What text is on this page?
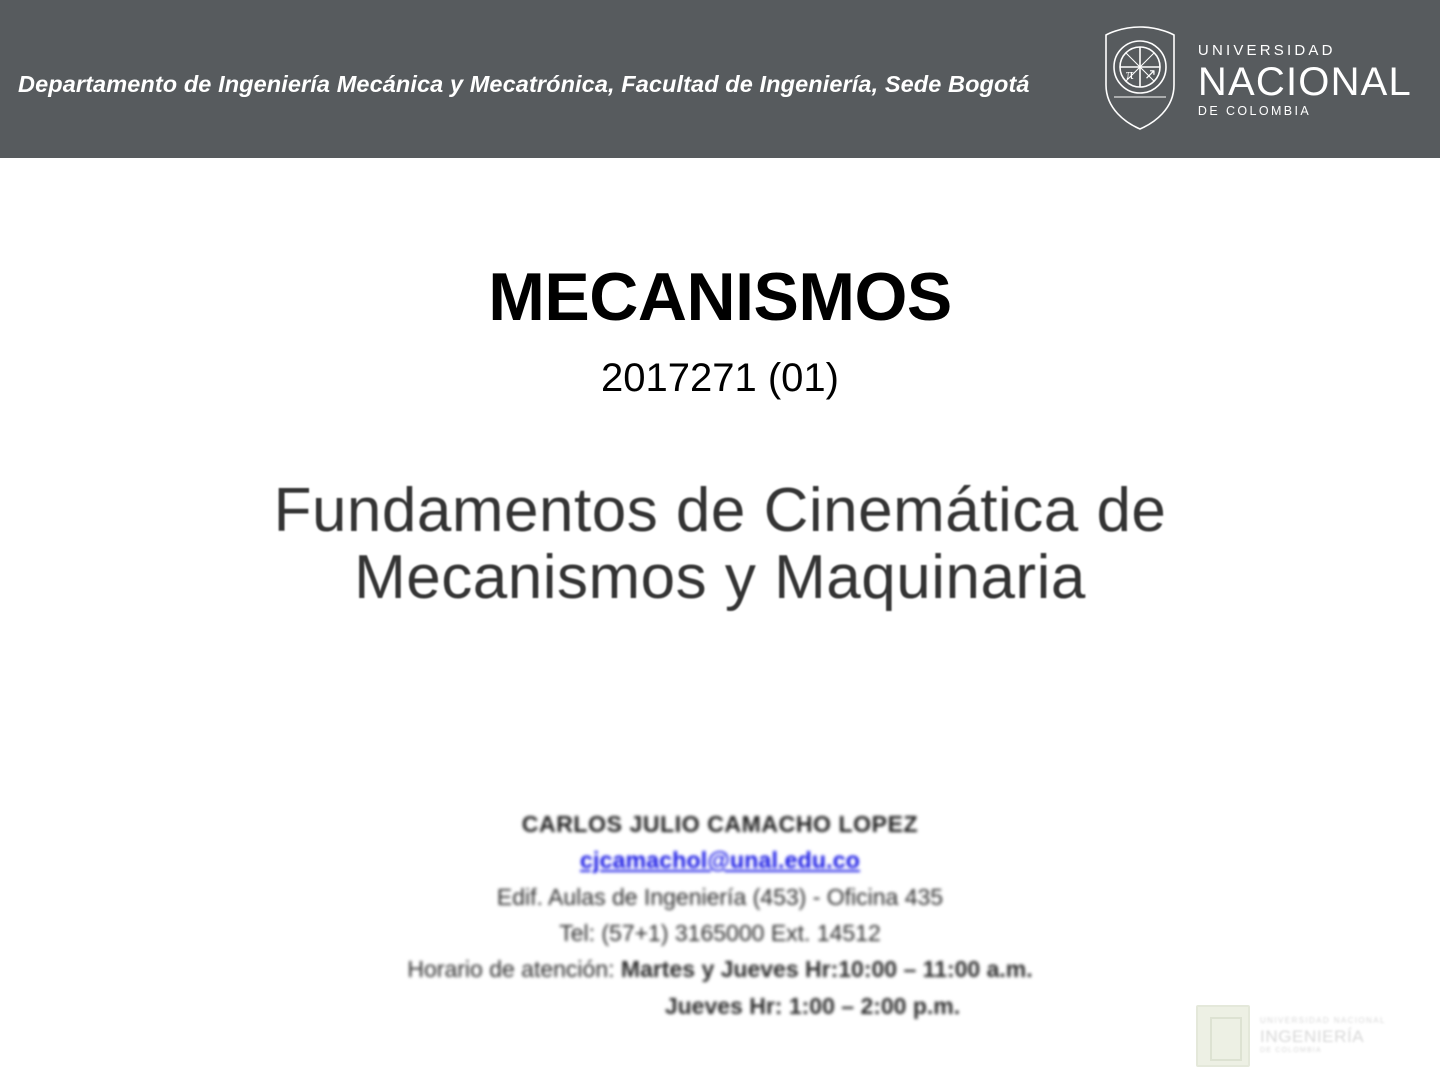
Departamento de Ingeniería Mecánica y Mecatrónica, Facultad de Ingeniería, Sede Bogotá	π ↗
UNIVERSIDAD
NACIONAL
DE COLOMBIA
MECANISMOS
2017271 (01)
Fundamentos de Cinemática de
Mecanismos y Maquinaria
CARLOS JULIO CAMACHO LOPEZ
cjcamachol@unal.edu.co
Edif. Aulas de Ingeniería (453) - Oficina 435
Tel: (57+1) 3165000 Ext. 14512
Horario de atención: Martes y Jueves Hr:10:00 – 11:00 a.m.
Jueves Hr: 1:00 – 2:00 p.m.
UNIVERSIDAD NACIONAL
INGENIERÍA
DE COLOMBIA
